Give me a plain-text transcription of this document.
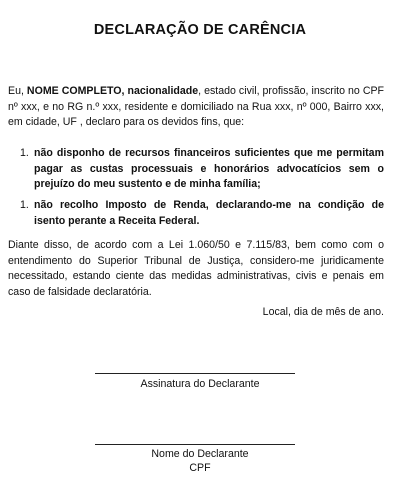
DECLARAÇÃO DE CARÊNCIA
Eu, NOME COMPLETO, nacionalidade, estado civil, profissão, inscrito no CPF nº xxx, e no RG n.º xxx, residente e domiciliado na Rua xxx, nº 000, Bairro xxx, em cidade, UF , declaro para os devidos fins, que:
1. não disponho de recursos financeiros suficientes que me permitam pagar as custas processuais e honorários advocatícios sem o prejuízo do meu sustento e de minha família;
1. não recolho Imposto de Renda, declarando-me na condição de isento perante a Receita Federal.
Diante disso, de acordo com a Lei 1.060/50 e 7.115/83, bem como com o entendimento do Superior Tribunal de Justiça, considero-me juridicamente necessitado, estando ciente das medidas administrativas, civis e penais em caso de falsidade declaratória.
Local, dia de mês de ano.
Assinatura do Declarante
Nome do Declarante
CPF
